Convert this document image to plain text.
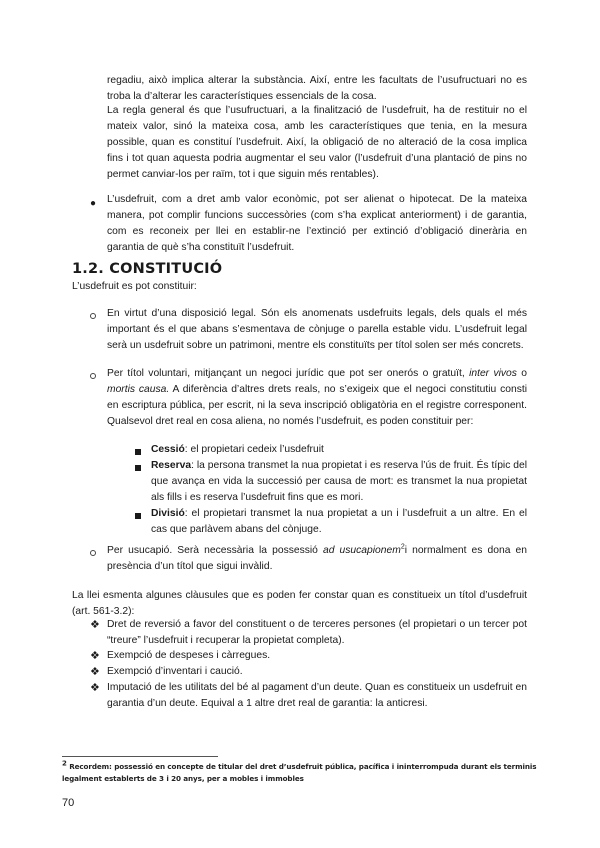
regadiu, això implica alterar la substància. Així, entre les facultats de l’usufructuari no es troba la d’alterar les característiques essencials de la cosa.

La regla general és que l’usufructuari, a la finalització de l’usdefruit, ha de restituir no el mateix valor, sinó la mateixa cosa, amb les característiques que tenia, en la mesura possible, quan es constituí l’usdefruit. Així, la obligació de no alteració de la cosa implica fins i tot quan aquesta podria augmentar el seu valor (l’usdefruit d’una plantació de pins no permet canviar-los per raïm, tot i que siguin més rentables).

● L’usdefruit, com a dret amb valor econòmic, pot ser alienat o hipotecat. De la mateixa manera, pot complir funcions successòries (com s’ha explicat anteriorment) i de garantia, com es reconeix per llei en establir-ne l’extinció per extinció d’obligació dinerària en garantia de què s’ha constituït l’usdefruit.

1.2. CONSTITUCIÓ

L’usdefruit es pot constituir:

En virtut d’una disposició legal. Són els anomenats usdefruits legals, dels quals el més important és el que abans s’esmentava de cònjuge o parella estable vidu. L’usdefruit legal serà un usdefruit sobre un patrimoni, mentre els constituïts per títol solen ser més concrets.

Per títol voluntari, mitjançant un negoci jurídic que pot ser onerós o gratuït, inter vivos o mortis causa. A diferència d’altres drets reals, no s’exigeix que el negoci constitutiu consti en escriptura pública, per escrit, ni la seva inscripció obligatòria en el registre corresponent. Qualsevol dret real en cosa aliena, no només l’usdefruit, es poden constituir per:

Cessió: el propietari cedeix l’usdefruit

Reserva: la persona transmet la nua propietat i es reserva l’ús de fruit. És típic del que avança en vida la successió per causa de mort: es transmet la nua propietat als fills i es reserva l’usdefruit fins que es mori.

Divisió: el propietari transmet la nua propietat a un i l’usdefruit a un altre. En el cas que parlàvem abans del cònjuge.

Per usucapió. Serà necessària la possessió ad usucapionem$^2$i normalment es dona en presència d’un títol que sigui invàlid.

La llei esmenta algunes clàusules que es poden fer constar quan es constitueix un títol d’usdefruit (art. 561-3.2):

❖ Dret de reversió a favor del constituent o de terceres persones (el propietari o un tercer pot “treure” l’usdefruit i recuperar la propietat completa).

❖ Exempció de despeses i càrregues.

❖ Exempció d’inventari i caució.

❖ Imputació de les utilitats del bé al pagament d’un deute. Quan es constitueix un usdefruit en garantia d’un deute. Equival a 1 altre dret real de garantia: la anticresi.

$^2$ Recordem: possessió en concepte de titular del dret d’usdefruit pública, pacífica i ininterrompuda durant els terminis legalment establerts de 3 i 20 anys, per a mobles i immobles
70
